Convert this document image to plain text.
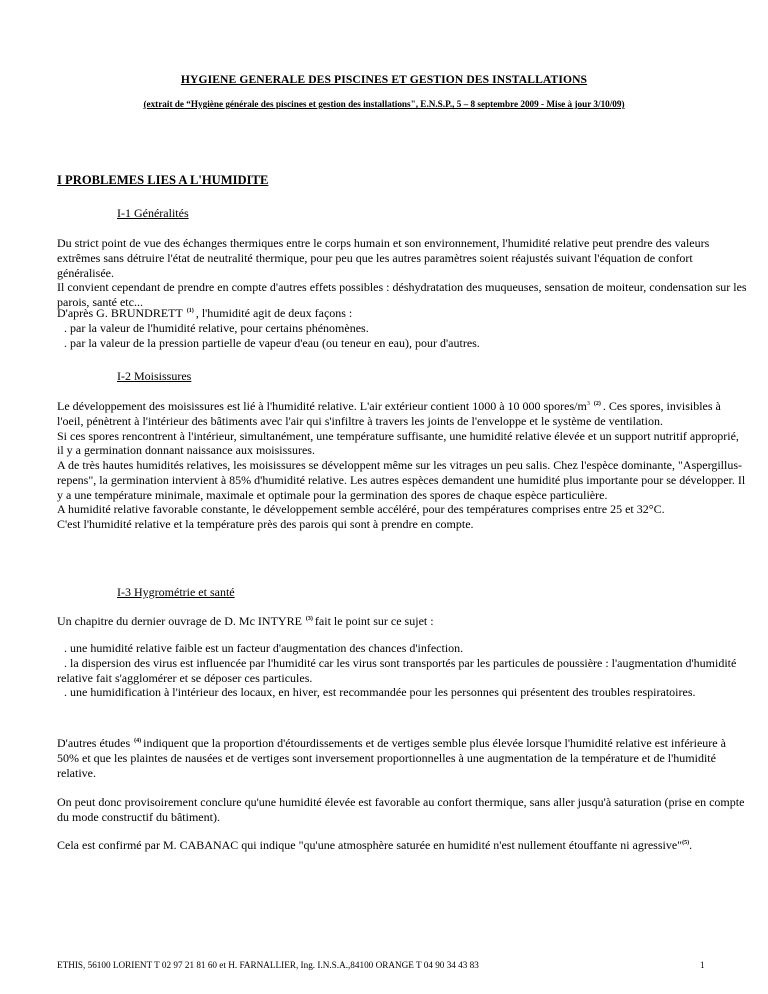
HYGIENE GENERALE DES PISCINES ET GESTION DES INSTALLATIONS
(extrait de “Hygiène générale des piscines et gestion des installations", E.N.S.P., 5 – 8 septembre 2009 - Mise à jour 3/10/09)
I PROBLEMES LIES A L'HUMIDITE
I-1 Généralités

Du strict point de vue des échanges thermiques entre le corps humain et son environnement, l'humidité relative peut prendre des valeurs extrêmes sans détruire l'état de neutralité thermique, pour peu que les autres paramètres soient réajustés suivant l'équation de confort généralisée.

Il convient cependant de prendre en compte d'autres effets possibles : déshydratation des muqueuses, sensation de moiteur, condensation sur les parois, santé etc...

D'après G. BRUNDRETT $^{(1)}$ , l'humidité agit de deux façons :

. par la valeur de l'humidité relative, pour certains phénomènes.

. par la valeur de la pression partielle de vapeur d'eau (ou teneur en eau), pour d'autres.

I-2 Moisissures

Le développement des moisissures est lié à l'humidité relative. L'air extérieur contient 1000 à 10 000 spores/$m^3$ $^{(2)}$ . Ces spores, invisibles à l'oeil, pénètrent à l'intérieur des bâtiments avec l'air qui s'infiltre à travers les joints de l'enveloppe et le système de ventilation.

Si ces spores rencontrent à l'intérieur, simultanément, une température suffisante, une humidité relative élevée et un support nutritif approprié, il y a germination donnant naissance aux moisissures.

A de très hautes humidités relatives, les moisissures se développent même sur les vitrages un peu salis. Chez l'espèce dominante, "Aspergillus-repens", la germination intervient à 85% d'humidité relative. Les autres espèces demandent une humidité plus importante pour se développer. Il y a une température minimale, maximale et optimale pour la germination des spores de chaque espèce particulière.

A humidité relative favorable constante, le développement semble accéléré, pour des températures comprises entre 25 et 32°C.

C'est l'humidité relative et la température près des parois qui sont à prendre en compte.

I-3 Hygrométrie et santé

Un chapitre du dernier ouvrage de D. Mc INTYRE $^{(3)}$ fait le point sur ce sujet :

. une humidité relative faible est un facteur d'augmentation des chances d'infection.

. la dispersion des virus est influencée par l'humidité car les virus sont transportés par les particules de poussière : l'augmentation d'humidité relative fait s'agglomérer et se déposer ces particules.

. une humidification à l'intérieur des locaux, en hiver, est recommandée pour les personnes qui présentent des troubles respiratoires.

D'autres études $^{(4)}$ indiquent que la proportion d'étourdissements et de vertiges semble plus élevée lorsque l'humidité relative est inférieure à 50% et que les plaintes de nausées et de vertiges sont inversement proportionnelles à une augmentation de la température et de l'humidité relative.

On peut donc provisoirement conclure qu'une humidité élevée est favorable au confort thermique, sans aller jusqu'à saturation (prise en compte du mode constructif du bâtiment).

Cela est confirmé par M. CABANAC qui indique "qu'une atmosphère saturée en humidité n'est nullement étouffante ni agressive"$^{(5)}$.

ETHIS, 56100 LORIENT T 02 97 21 81 60 et H. FARNALLIER, Ing. I.N.S.A.,84100 ORANGE T 04 90 34 43 83	1
